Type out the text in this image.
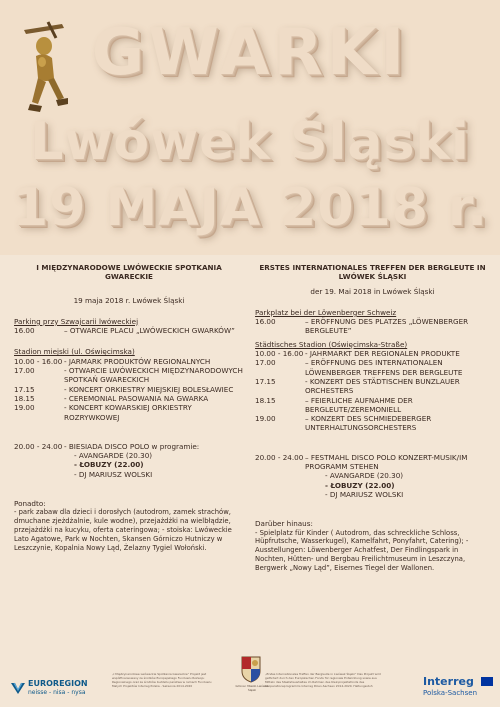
GWARKI
Lwówek Śląski
19 MAJA 2018 r.
I MIĘDZYNARODOWE LWÓWECKIE SPOTKANIA GWARECKIE
19 maja 2018 r. Lwówek Śląski
Parking przy Szwajcarii lwóweckiej
16.00	– OTWARCIE PLACU „LWÓWECKICH GWARKÓW”
Stadion miejski (ul. Oświęcimska)
10.00 - 16.00 - JARMARK PRODUKTÓW REGIONALNYCH
17.00	- OTWARCIE LWÓWECKICH MIĘDZYNARODOWYCH SPOTKAŃ GWARECKICH
17.15	- KONCERT ORKIESTRY MIEJSKIEJ BOLESŁAWIEC
18.15	- CEREMONIAL PASOWANIA NA GWARKA
19.00	- KONCERT KOWARSKIEJ ORKIESTRY ROZRYWKOWEJ
20.00 - 24.00 - BIESIADA DISCO POLO w programie:
- AVANGARDE (20.30)
- ŁOBUZY (22.00)
- DJ MARIUSZ WOLSKI
Ponadto:
- park zabaw dla dzieci i dorosłych (autodrom, zamek strachów, dmuchane zjeżdżalnie, kule wodne), przejażdżki na wielbłądzie, przejażdżki na kucyku, oferta cateringowa; - stoiska: Lwóweckie Lato Agatowe, Park w Nochten, Skansen Górniczo Hutniczy w Leszczynie, Kopalnia Nowy Ląd, Żelazny Tygiel Wołoński.
ERSTES INTERNATIONALES TREFFEN DER BERGLEUTE IN LWÓWEK ŚLĄSKI
der 19. Mai 2018 in Lwówek Śląski
Parkplatz bei der Löwenberger Schweiz
16.00	– ERÖFFNUNG DES PLATZES „LÖWENBERGER BERGLEUTE”
Städtisches Stadion (Oświęcimska-Straße)
10.00 - 16.00 - JAHRMARKT DER REGIONALEN PRODUKTE
17.00	– ERÖFFNUNG DES INTERNATIONALEN LÖWENBERGER TREFFENS DER BERGLEUTE
17.15	- KONZERT DES STÄDTISCHEN BUNZLAUER ORCHESTERS
18.15	– FEIERLICHE AUFNAHME DER BERGLEUTE/ZEREMONIELL
19.00	– KONZERT DES SCHMIEDEBERGER UNTERHALTUNGSORCHESTERS
20.00 - 24.00 – FESTMAHL DISCO POLO KONZERT-MUSIK/IM PROGRAMM STEHEN
- AVANGARDE (20.30)
- ŁOBUZY (22.00)
- DJ MARIUSZ WOLSKI
Darüber hinaus:
- Spielplatz für Kinder ( Autodrom, das schreckliche Schloss, Hüpfrutsche, Wasserkugel), Kamelfahrt, Ponyfahrt, Catering); - Ausstellungen: Löwenberger Achatfest, Der Findlingspark in Nochten, Hütten- und Bergbau Freilichtmuseum in Leszczyna, Bergwerk „Nowy Ląd”, Eisernes Tiegel der Wallonen.
EUROREGION
neisse - nisa - nysa
„I Międzynarodowe Lwóweckie Spotkania Gwareckie” Projekt jest współfinansowany ze środków Europejskiego Funduszu Rozwoju Regionalnego oraz ze środków budżetu państwa w ramach Funduszu Małych Projektów Interreg Polska - Saksonia 2014-2020	Gmina i Miasto Lwówek Śląski
„Erstes Internationales Treffen der Bergleute in Lwówek Śląski” Das Projekt wird gefördert durch den Europäischen Fonds für regionale Entwicklung sowie aus Mitteln des Staatshaushaltes im Rahmen des Kleinprojektefonds des Kooperationsprogramms Interreg Polen-Sachsen 2014-2020. Haltungsstuh	Interreg
Polska-Sachsen
